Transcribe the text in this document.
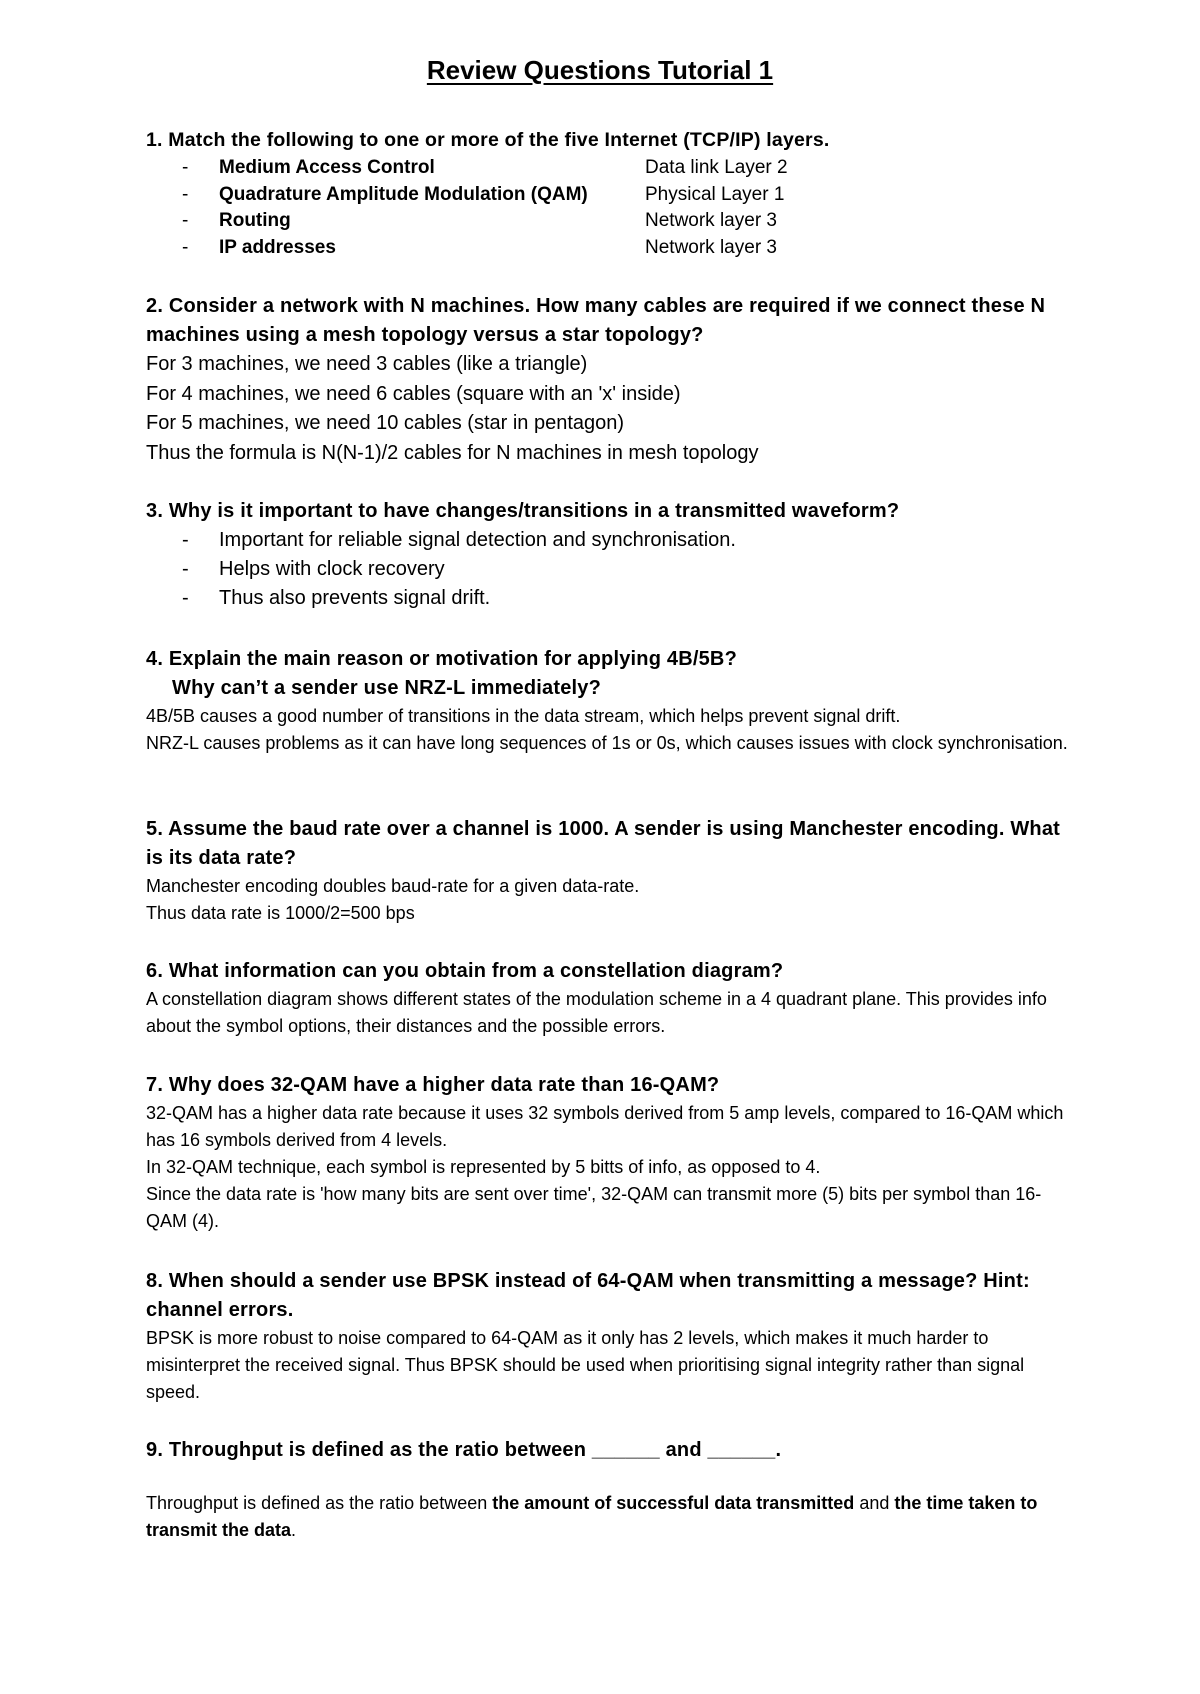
Review Questions Tutorial 1
1. Match the following to one or more of the five Internet (TCP/IP) layers.
- Medium Access Control	Data link Layer 2
- Quadrature Amplitude Modulation (QAM)	Physical Layer 1
- Routing	Network layer 3
- IP addresses	Network layer 3
2. Consider a network with N machines. How many cables are required if we connect these N machines using a mesh topology versus a star topology?
For 3 machines, we need 3 cables (like a triangle)
For 4 machines, we need 6 cables (square with an 'x' inside)
For 5 machines, we need 10 cables (star in pentagon)
Thus the formula is N(N-1)/2 cables for N machines in mesh topology
3. Why is it important to have changes/transitions in a transmitted waveform?
- Important for reliable signal detection and synchronisation.
- Helps with clock recovery
- Thus also prevents signal drift.
4. Explain the main reason or motivation for applying 4B/5B?
Why can’t a sender use NRZ-L immediately?
4B/5B causes a good number of transitions in the data stream, which helps prevent signal drift.
NRZ-L causes problems as it can have long sequences of 1s or 0s, which causes issues with clock synchronisation.
5. Assume the baud rate over a channel is 1000. A sender is using Manchester encoding. What is its data rate?
Manchester encoding doubles baud-rate for a given data-rate.
Thus data rate is 1000/2=500 bps
6. What information can you obtain from a constellation diagram?
A constellation diagram shows different states of the modulation scheme in a 4 quadrant plane. This provides info about the symbol options, their distances and the possible errors.
7. Why does 32-QAM have a higher data rate than 16-QAM?
32-QAM has a higher data rate because it uses 32 symbols derived from 5 amp levels, compared to 16-QAM which has 16 symbols derived from 4 levels.
In 32-QAM technique, each symbol is represented by 5 bitts of info, as opposed to 4.
Since the data rate is 'how many bits are sent over time', 32-QAM can transmit more (5) bits per symbol than 16-QAM (4).
8. When should a sender use BPSK instead of 64-QAM when transmitting a message? Hint: channel errors.
BPSK is more robust to noise compared to 64-QAM as it only has 2 levels, which makes it much harder to misinterpret the received signal. Thus BPSK should be used when prioritising signal integrity rather than signal speed.
9. Throughput is defined as the ratio between ______ and ______.
Throughput is defined as the ratio between the amount of successful data transmitted and the time taken to transmit the data.
